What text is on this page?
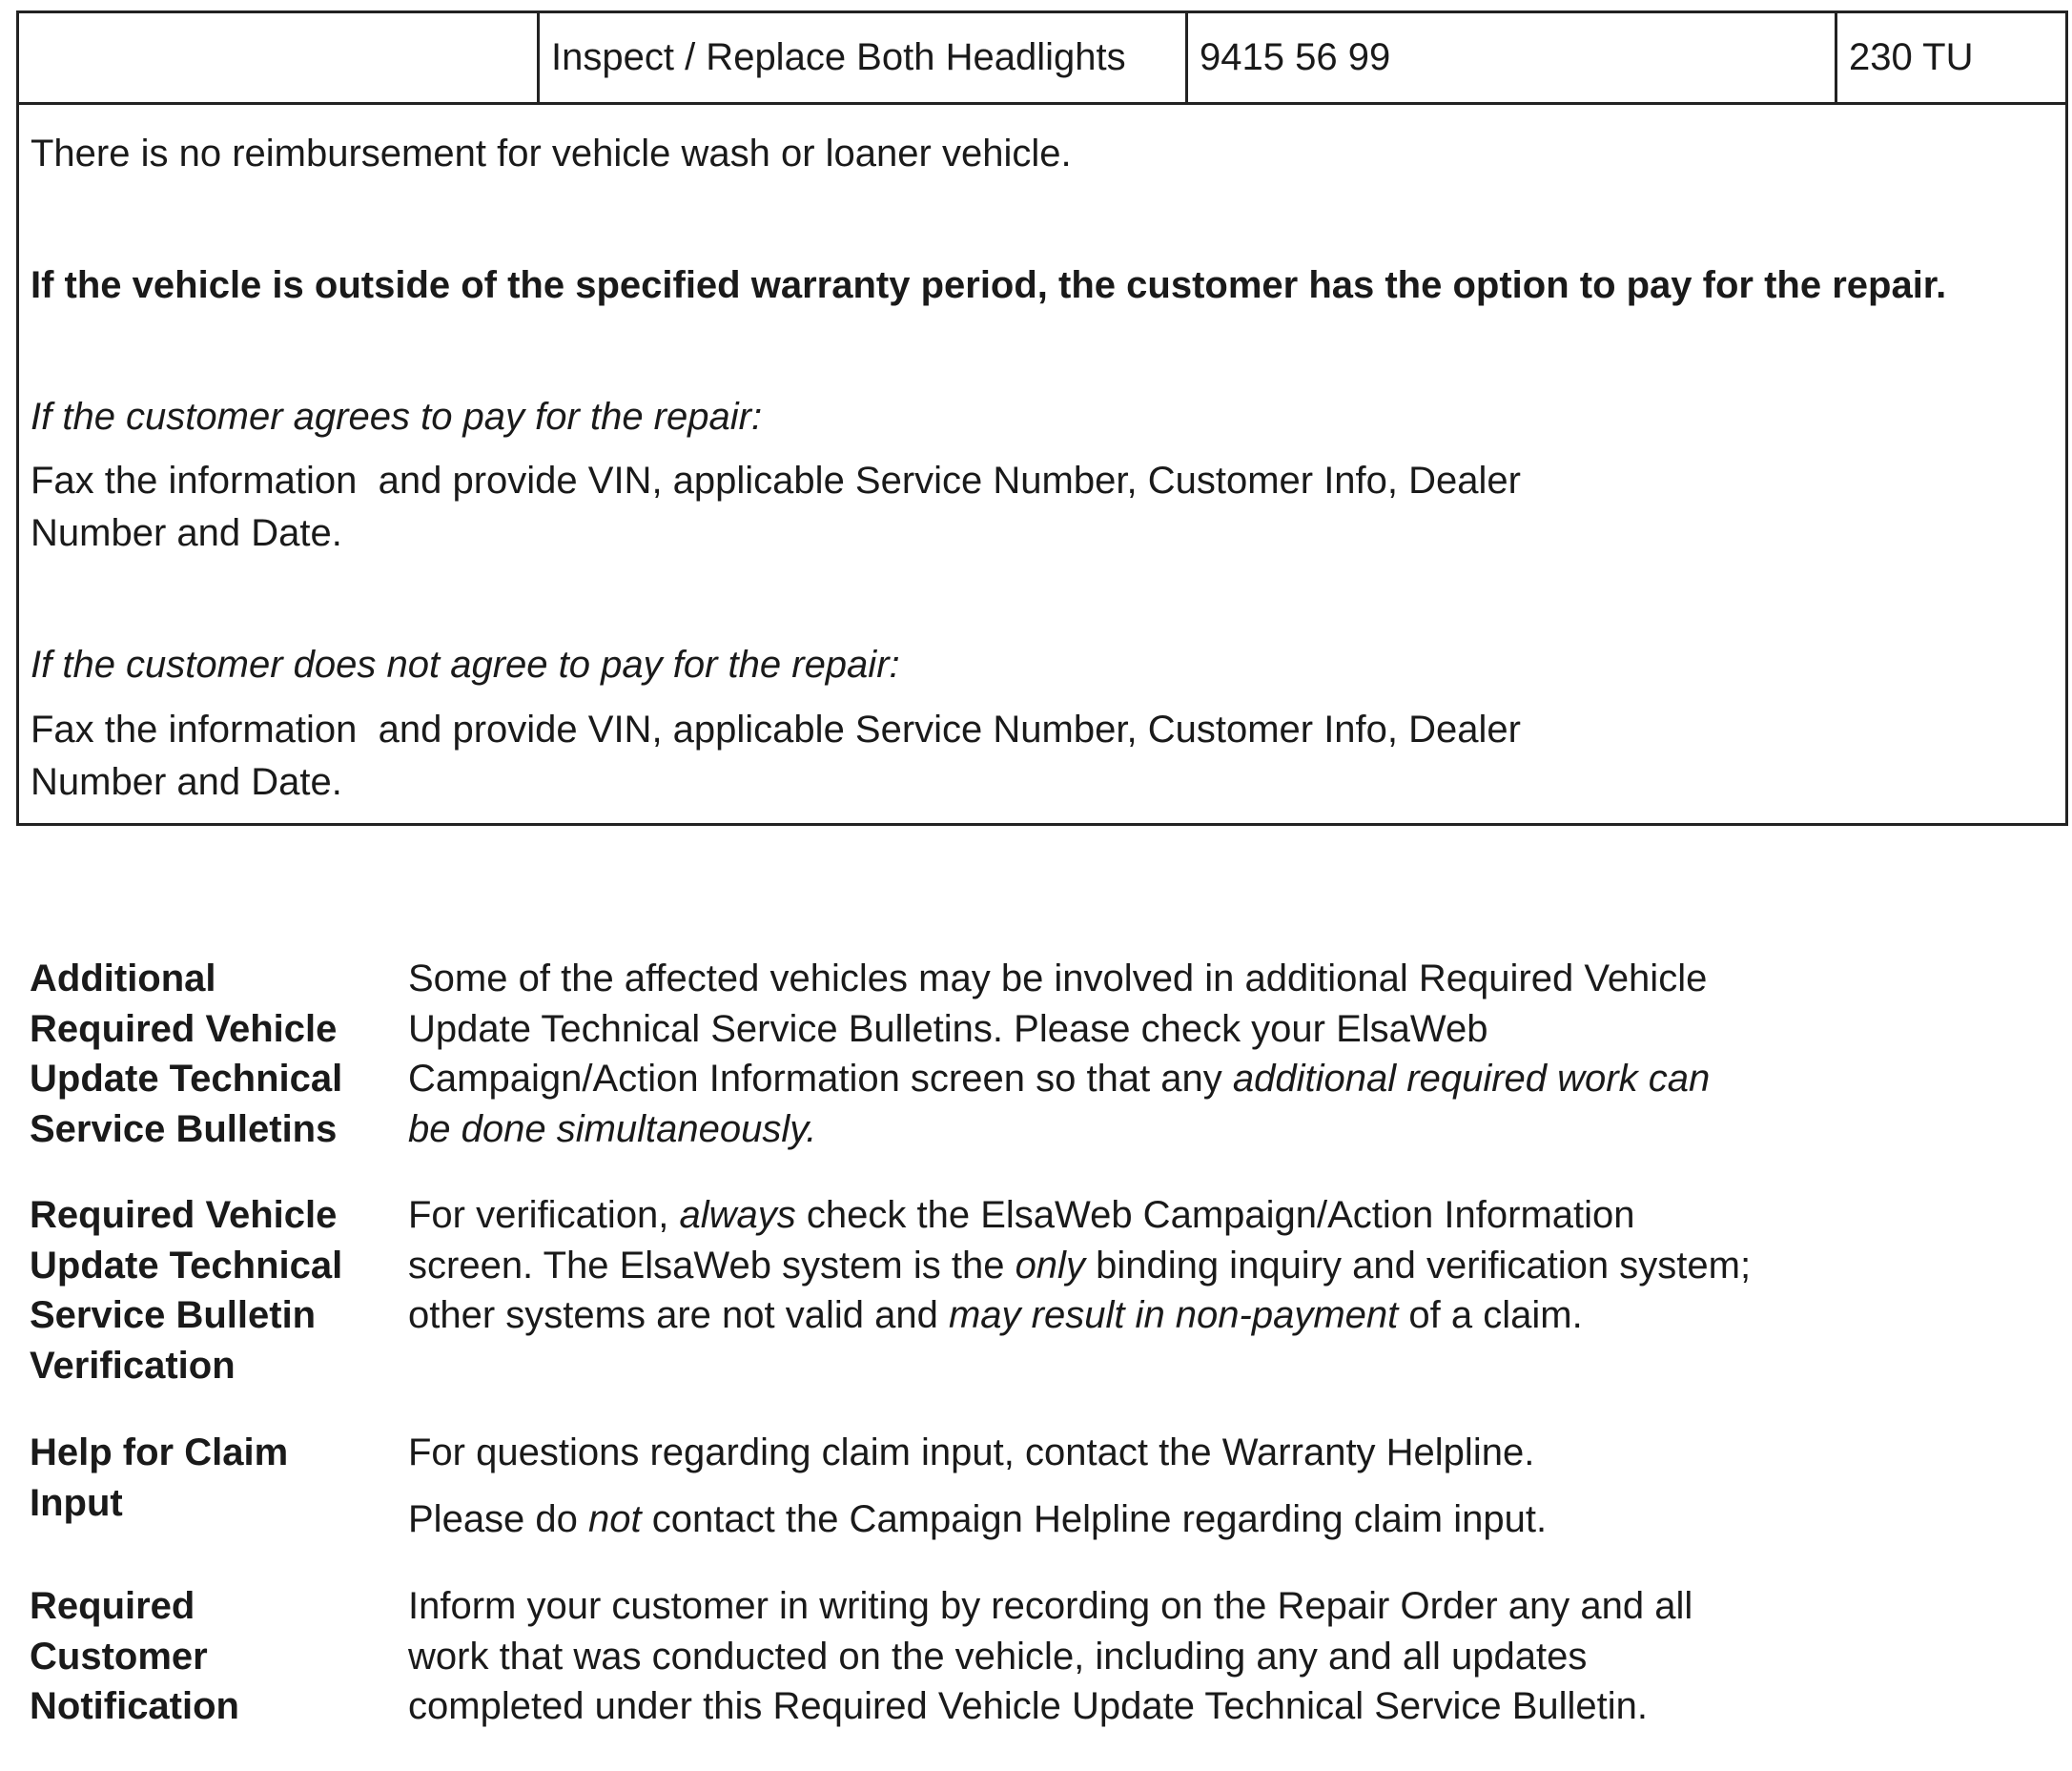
Inspect / Replace Both Headlights	9415 56 99	230 TU
There is no reimbursement for vehicle wash or loaner vehicle.
If the vehicle is outside of the specified warranty period, the customer has the option to pay for the repair.
If the customer agrees to pay for the repair:
Fax the information  and provide VIN, applicable Service Number, Customer Info, Dealer
Number and Date.
If the customer does not agree to pay for the repair:
Fax the information  and provide VIN, applicable Service Number, Customer Info, Dealer
Number and Date.
Additional
Required Vehicle
Update Technical
Service Bulletins

Some of the affected vehicles may be involved in additional Required Vehicle Update Technical Service Bulletins. Please check your ElsaWeb Campaign/Action Information screen so that any additional required work can be done simultaneously.

Required Vehicle
Update Technical
Service Bulletin
Verification

For verification, always check the ElsaWeb Campaign/Action Information screen. The ElsaWeb system is the only binding inquiry and verification system; other systems are not valid and may result in non-payment of a claim.

Help for Claim
Input

For questions regarding claim input, contact the Warranty Helpline.

Please do not contact the Campaign Helpline regarding claim input.

Required
Customer
Notification

Inform your customer in writing by recording on the Repair Order any and all work that was conducted on the vehicle, including any and all updates completed under this Required Vehicle Update Technical Service Bulletin.
